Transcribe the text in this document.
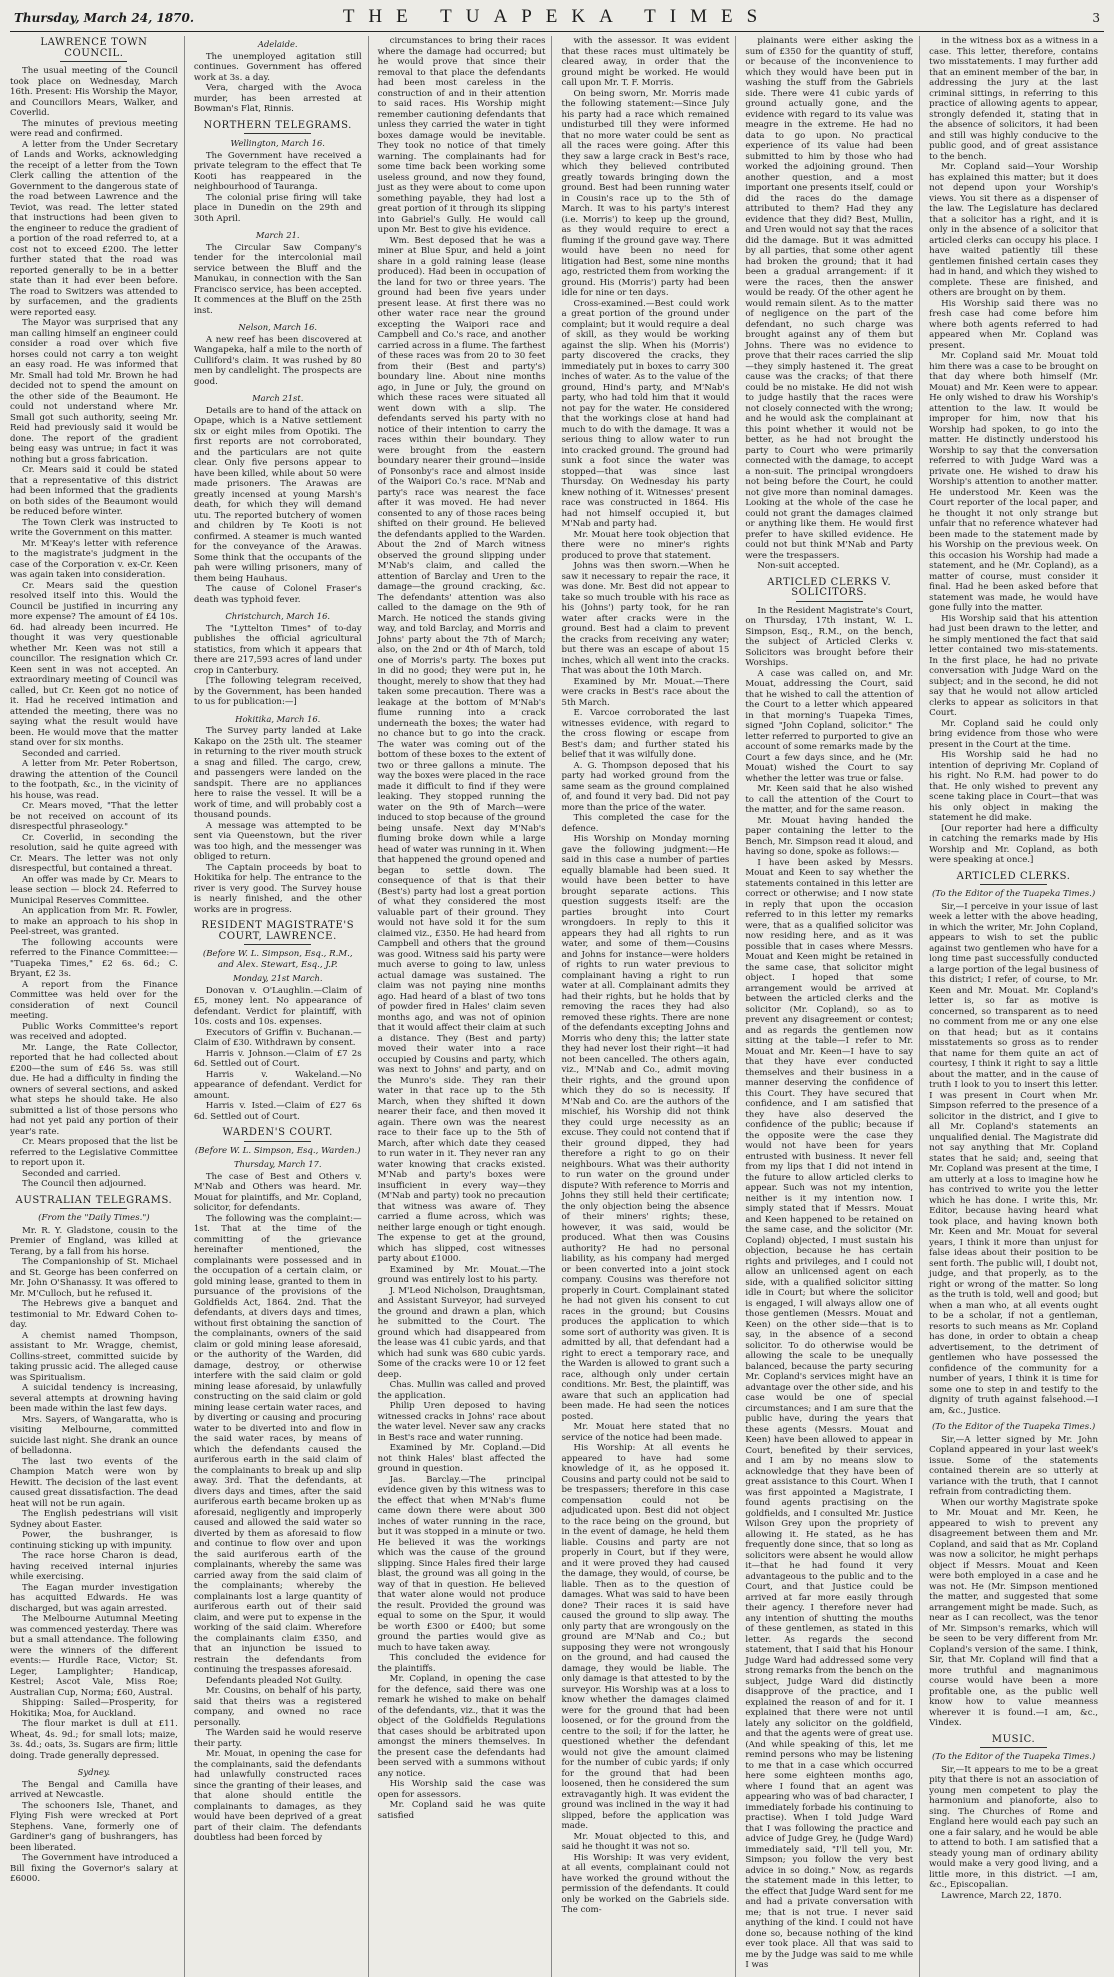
Thursday, March 24, 1870.	THE TUAPEKA TIMES	3
LAWRENCE TOWN COUNCIL.

The usual meeting of the Council took place on Wednesday, March 16th. Present: His Worship the Mayor, and Councillors Mears, Walker, and Coverlid.

The minutes of previous meeting were read and confirmed.

A letter from the Under Secretary of Lands and Works, acknowledging the receipt of a letter from the Town Clerk calling the attention of the Government to the dangerous state of the road between Lawrence and the Teviot, was read. The letter stated that instructions had been given to the engineer to reduce the gradient of a portion of the road referred to, at a cost not to exceed £200. The letter further stated that the road was reported generally to be in a better state than it had ever been before. The road to Switzers was attended to by surfacemen, and the gradients were reported easy.

The Mayor was surprised that any man calling himself an engineer could consider a road over which five horses could not carry a ton weight an easy road. He was informed that Mr. Small had told Mr. Brown he had decided not to spend the amount on the other side of the Beaumont. He could not understand where Mr. Small got such authority, seeing Mr. Reid had previously said it would be done. The report of the gradient being easy was untrue; in fact it was nothing but a gross fabrication.

Cr. Mears said it could be stated that a representative of this district had been informed that the gradients on both sides of the Beaumont would be reduced before winter.

The Town Clerk was instructed to write the Government on this matter.

Mr. M'Keay's letter with reference to the magistrate's judgment in the case of the Corporation v. ex-Cr. Keen was again taken into consideration.

Cr. Mears said the question resolved itself into this. Would the Council be justified in incurring any more expense? The amount of £4 10s. 6d. had already been incurred. He thought it was very questionable whether Mr. Keen was not still a councillor. The resignation which Cr. Keen sent in was not accepted. An extraordinary meeting of Council was called, but Cr. Keen got no notice of it. Had he received intimation and attended the meeting, there was no saying what the result would have been. He would move that the matter stand over for six months.

Seconded and carried.

A letter from Mr. Peter Robertson, drawing the attention of the Council to the footpath, &c., in the vicinity of his house, was read.

Cr. Mears moved, "That the letter be not received on account of its disrespectful phraseology."

Cr. Coverlid, in seconding the resolution, said he quite agreed with Cr. Mears. The letter was not only disrespectful, but contained a threat.

An offer was made by Cr. Mears to lease section — block 24. Referred to Municipal Reserves Committee.

An application from Mr. R. Fowler, to make an approach to his shop in Peel-street, was granted.

The following accounts were referred to the Finance Committee:— "Tuapeka Times," £2 6s. 6d.; C. Bryant, £2 3s.

A report from the Finance Committee was held over for the consideration of next Council meeting.

Public Works Committee's report was received and adopted.

Mr. Lange, the Rate Collector, reported that he had collected about £200—the sum of £46 5s. was still due. He had a difficulty in finding the owners of several sections, and asked what steps he should take. He also submitted a list of those persons who had not yet paid any portion of their year's rate.

Cr. Mears proposed that the list be referred to the Legislative Committee to report upon it.

Seconded and carried.

The Council then adjourned.

AUSTRALIAN TELEGRAMS.
(From the "Daily Times.")

Mr. R. Y. Gladstone, cousin to the Premier of England, was killed at Terang, by a fall from his horse.

The Companionship of St. Michael and St. George has been conferred on Mr. John O'Shanassy. It was offered to Mr. M'Culloch, but he refused it.

The Hebrews give a banquet and testimonial to Mr. Edward Cohen to-day.

A chemist named Thompson, assistant to Mr. Wragge, chemist, Collins-street, committed suicide by taking prussic acid. The alleged cause was Spiritualism.

A suicidal tendency is increasing, several attempts at drowning having been made within the last few days.

Mrs. Sayers, of Wangaratta, who is visiting Melbourne, committed suicide last night. She drank an ounce of belladonna.

The last two events of the Champion Match were won by Hewitt. The decision of the last event caused great dissatisfaction. The dead heat will not be run again.

The English pedestrians will visit Sydney about Easter.

Power, the bushranger, is continuing sticking up with impunity.

The race horse Charon is dead, having received internal injuries while exercising.

The Eagan murder investigation has acquitted Edwards. He was discharged, but was again arrested.

The Melbourne Autumnal Meeting was commenced yesterday. There was but a small attendance. The following were the winners of the different events:— Hurdle Race, Victor; St. Leger, Lamplighter; Handicap, Kestrel; Ascot Vale, Miss Roe; Australian Cup, Norma; £60, Austral.

Shipping: Sailed—Prosperity, for Hokitika; Moa, for Auckland.

The flour market is dull at £11. Wheat, 4s. 9d.; for small lots; maize, 3s. 4d.; oats, 3s. Sugars are firm; little doing. Trade generally depressed.

Sydney.

The Bengal and Camilla have arrived at Newcastle.

The schooners Isle, Thanet, and Flying Fish were wrecked at Port Stephens. Vane, formerly one of Gardiner's gang of bushrangers, has been liberated.

The Government have introduced a Bill fixing the Governor's salary at £6000.

Adelaide.

The unemployed agitation still continues. Government has offered work at 3s. a day.

Vera, charged with the Avoca murder, has been arrested at Bowman's Flat, Rinnis.

NORTHERN TELEGRAMS.
Wellington, March 16.

The Government have received a private telegram to the effect that Te Kooti has reappeared in the neighbourhood of Tauranga.

The colonial prise firing will take place in Dunedin on the 29th and 30th April.

March 21.

The Circular Saw Company's tender for the intercolonial mail service between the Bluff and the Manukau, in connection with the San Francisco service, has been accepted. It commences at the Bluff on the 25th inst.

Nelson, March 16.

A new reef has been discovered at Wangapeka, half a mile to the north of Culliford's claim. It was rushed by 80 men by candlelight. The prospects are good.

March 21st.

Details are to hand of the attack on Opape, which is a Native settlement six or eight miles from Opotiki. The first reports are not corroborated, and the particulars are not quite clear. Only five persons appear to have been killed, while about 50 were made prisoners. The Arawas are greatly incensed at young Marsh's death, for which they will demand utu. The reported butchery of women and children by Te Kooti is not confirmed. A steamer is much wanted for the conveyance of the Arawas. Some think that the occupants of the pah were willing prisoners, many of them being Hauhaus.

The cause of Colonel Fraser's death was typhoid fever.

Christchurch, March 16.

The "Lyttelton Times" of to-day publishes the official agricultural statistics, from which it appears that there are 217,593 acres of land under crop in Canterbury.

[The following telegram received, by the Government, has been handed to us for publication:—]

Hokitika, March 16.

The Survey party landed at Lake Kakapo on the 25th ult. The steamer in returning to the river mouth struck a snag and filled. The cargo, crew, and passengers were landed on the sandspit. There are no appliances here to raise the vessel. It will be a work of time, and will probably cost a thousand pounds.

A message was attempted to be sent via Queenstown, but the river was too high, and the messenger was obliged to return.

The Captain proceeds by boat to Hokitika for help. The entrance to the river is very good. The Survey house is nearly finished, and the other works are in progress.

RESIDENT MAGISTRATE'S COURT, LAWRENCE.
(Before W. L. Simpson, Esq., R.M., and Alex. Stewart, Esq., J.P.
Monday, 21st March.

Donovan v. O'Laughlin.—Claim of £5, money lent. No appearance of defendant. Verdict for plaintiff, with 10s. costs and 10s. expenses.

Executors of Griffin v. Buchanan.—Claim of £30. Withdrawn by consent.

Harris v. Johnson.—Claim of £7 2s 6d. Settled out of Court.

Harris v. Wakeland.—No appearance of defendant. Verdict for amount.

Harris v. Isted.—Claim of £27 6s 6d. Settled out of Court.

WARDEN'S COURT.
(Before W. L. Simpson, Esq., Warden.)
Thursday, March 17.

The case of Best and Others v. M'Nab and Others was heard. Mr. Mouat for plaintiffs, and Mr. Copland, solicitor, for defendants.

The following was the complaint:—1st. That at the time of the committing of the grievance hereinafter mentioned, the complainants were possessed and in the occupation of a certain claim, or gold mining lease, granted to them in pursuance of the provisions of the Goldfields Act, 1864. 2nd. That the defendants, at divers days and times, without first obtaining the sanction of the complainants, owners of the said claim or gold mining lease aforesaid, or the authority of the Warden, did damage, destroy, or otherwise interfere with the said claim or gold mining lease aforesaid, by unlawfully constructing on the said claim or gold mining lease certain water races, and by diverting or causing and procuring water to be diverted into and flow in the said water races, by means of which the defendants caused the auriferous earth in the said claim of the complainants to break up and slip away. 3rd. That the defendants, at divers days and times, after the said auriferous earth became broken up as aforesaid, negligently and improperly caused and allowed the said water so diverted by them as aforesaid to flow and continue to flow over and upon the said auriferous earth of the complainants, whereby the same was carried away from the said claim of the complainants; whereby the complainants lost a large quantity of auriferous earth out of their said claim, and were put to expense in the working of the said claim. Wherefore the complainants claim £350, and that an injunction be issued to restrain the defendants from continuing the trespasses aforesaid.

Defendants pleaded Not Guilty.

Mr. Cousins, on behalf of his party, said that theirs was a registered company, and owned no race personally.

The Warden said he would reserve their party.

Mr. Mouat, in opening the case for the complainants, said the defendants had unlawfully constructed races since the granting of their leases, and that alone should entitle the complainants to damages, as they would have been deprived of a great part of their claim. The defendants doubtless had been forced by

circumstances to bring their races where the damage had occurred; but he would prove that since their removal to that place the defendants had been most careless in the construction of and in their attention to said races. His Worship might remember cautioning defendants that unless they carried the water in tight boxes damage would be inevitable. They took no notice of that timely warning. The complainants had for some time back been working some useless ground, and now they found, just as they were about to come upon something payable, they had lost a great portion of it through its slipping into Gabriel's Gully. He would call upon Mr. Best to give his evidence.

Wm. Best deposed that he was a miner at Blue Spur, and held a joint share in a gold raining lease (lease produced). Had been in occupation of the land for two or three years. The ground had been five years under present lease. At first there was no other water race near the ground excepting the Waipori race and Campbell and Co.'s race, and another carried across in a flume. The farthest of these races was from 20 to 30 feet from their (Best and party's) boundary line. About nine months ago, in June or July, the ground on which these races were situated all went down with a slip. The defendants served his party with no notice of their intention to carry the races within their boundary. They were brought from the eastern boundary nearer their ground—inside of Ponsonby's race and almost inside of the Waipori Co.'s race. M'Nab and party's race was nearest the face after it was moved. He had never consented to any of those races being shifted on their ground. He believed the defendants applied to the Warden. About the 2nd of March witness observed the ground slipping under M'Nab's claim, and called the attention of Barclay and Uren to the damage—the ground cracking, &c. The defendants' attention was also called to the damage on the 9th of March. He noticed the stands giving way, and told Barclay, and Morris and Johns' party about the 7th of March; also, on the 2nd or 4th of March, told one of Morris's party. The boxes put in did no good; they were put in, he thought, merely to show that they had taken some precaution. There was a leakage at the bottom of M'Nab's flume running into a crack underneath the boxes; the water had no chance but to go into the crack. The water was coming out of the bottom of these boxes to the extent of two or three gallons a minute. The way the boxes were placed in the race made it difficult to find if they were leaking. They stopped running the water on the 9th of March—were induced to stop because of the ground being unsafe. Next day M'Nab's fluming broke down while a large head of water was running in it. When that happened the ground opened and began to settle down. The consequence of that is that their (Best's) party had lost a great portion of what they considered the most valuable part of their ground. They would not have sold it for the sum claimed viz., £350. He had heard from Campbell and others that the ground was good. Witness said his party were much averse to going to law, unless actual damage was sustained. The claim was not paying nine months ago. Had heard of a blast of two tons of powder fired in Hales' claim seven months ago, and was not of opinion that it would affect their claim at such a distance. They (Best and party) moved their water into a race occupied by Cousins and party, which was next to Johns' and party, and on the Munro's side. They ran their water in that race up to the 5th March, when they shifted it down nearer their face, and then moved it again. There own was the nearest race to their face up to the 5th of March, after which date they ceased to run water in it. They never ran any water knowing that cracks existed. M'Nab and party's boxes were insufficient in every way—they (M'Nab and party) took no precaution that witness was aware of. They carried a flume across, which was neither large enough or tight enough. The expense to get at the ground, which has slipped, cost witnesses party about £1000.

Examined by Mr. Mouat.—The ground was entirely lost to his party.

J. M'Leod Nicholson, Draughtsman, and Assistant Surveyor, had surveyed the ground and drawn a plan, which he submitted to the Court. The ground which had disappeared from the lease was 41 cubic yards, and that which had sunk was 680 cubic yards. Some of the cracks were 10 or 12 feet deep.

Chas. Mullin was called and proved the application.

Philip Uren deposed to having witnessed cracks in Johns' race about the water level. Never saw any cracks in Best's race and water running.

Examined by Mr. Copland.—Did not think Hales' blast affected the ground in question.

Jas. Barclay.—The principal evidence given by this witness was to the effect that when M'Nab's flume came down there were about 300 inches of water running in the race, but it was stopped in a minute or two. He believed it was the workings which was the cause of the ground slipping. Since Hales fired their large blast, the ground was all going in the way of that in question. He believed that water alone would not produce the result. Provided the ground was equal to some on the Spur, it would be worth £300 or £400; but some ground the parties would give as much to have taken away.

This concluded the evidence for the plaintiffs.

Mr. Copland, in opening the case for the defence, said there was one remark he wished to make on behalf of the defendants, viz., that it was the object of the Goldfields Regulations that cases should be arbitrated upon amongst the miners themselves. In the present case the defendants had been served with a summons without any notice.

His Worship said the case was open for assessors.

Mr. Copland said he was quite satisfied

with the assessor. It was evident that these races must ultimately be cleared away, in order that the ground might be worked. He would call upon Mr. T. F. Morris.

On being sworn, Mr. Morris made the following statement:—Since July his party had a race which remained undisturbed till they were informed that no more water could be sent as all the races were going. After this they saw a large crack in Best's race, which they believed contributed greatly towards bringing down the ground. Best had been running water in Cousin's race up to the 5th of March. It was to his party's interest (i.e. Morris') to keep up the ground, as they would require to erect a fluming if the ground gave way. There would have been no need for litigation had Best, some nine months ago, restricted them from working the ground. His (Morris') party had been idle for nine or ten days.

Cross-examined.—Best could work a great portion of the ground under complaint; but it would require a deal of skill, as they would be working against the slip. When his (Morris') party discovered the cracks, they immediately put in boxes to carry 300 inches of water. As to the value of the ground, Hind's party, and M'Nab's party, who had told him that it would not pay for the water. He considered that the workings close at hand had much to do with the damage. It was a serious thing to allow water to run into cracked ground. The ground had sunk a foot since the water was stopped—that was since last Thursday. On Wednesday his party knew nothing of it. Witnesses' present race was constructed in 1864. His had not himself occupied it, but M'Nab and party had.

Mr. Mouat here took objection that there were no miner's rights produced to prove that statement.

Johns was then sworn.—When he saw it necessary to repair the race, it was done. Mr. Best did not appear to take so much trouble with his race as his (Johns') party took, for he ran water after cracks were in the ground. Best had a claim to prevent the cracks from receiving any water; but there was an escape of about 15 inches, which all went into the cracks. That was about the 10th March.

Examined by Mr. Mouat.—There were cracks in Best's race about the 5th March.

E. Varcoe corroborated the last witnesses evidence, with regard to the cross flowing or escape from Best's dam; and further stated his belief that it was wilfully done.

A. G. Thompson deposed that his party had worked ground from the same seam as the ground complained of, and found it very bad. Did not pay more than the price of the water.

This completed the case for the defence.

His Worship on Monday morning gave the following judgment:—He said in this case a number of parties equally blamable had been sued. It would have been better to have brought separate actions. This question suggests itself: are the parties brought into Court wrongdoers. In reply to this it appears they had all rights to run water, and some of them—Cousins and Johns for instance—were holders of rights to run water previous to complainant having a right to run water at all. Complainant admits they had their rights, but he holds that by removing the races they had also removed these rights. There are none of the defendants excepting Johns and Morris who deny this; the latter state they had never lost their right—it had not been cancelled. The others again, viz., M'Nab and Co., admit moving their rights, and the ground upon which they do so is necessity. If M'Nab and Co. are the authors of the mischief, his Worship did not think they could urge necessity as an excuse. They could not contend that if their ground dipped, they had therefore a right to go on their neighbours. What was their authority to run water on the ground under dispute? With reference to Morris and Johns they still held their certificate; the only objection being the absence of their miners' rights; these, however, it was said, would be produced. What then was Cousins authority? He had no personal liability, as his company had merged or been converted into a joint stock company. Cousins was therefore not properly in Court. Complainant stated he had not given his consent to cut races in the ground; but Cousins produces the application to which some sort of authority was given. It is admitted by all, that defendant had a right to erect a temporary race, and the Warden is allowed to grant such a race, although only under certain conditions. Mr. Best, the plaintiff, was aware that such an application had been made. He had seen the notices posted.

Mr. Mouat here stated that no service of the notice had been made.

His Worship: At all events he appeared to have had some knowledge of it, as he opposed it. Cousins and party could not be said to be trespassers; therefore in this case compensation could not be adjudicated upon. Best did not object to the race being on the ground, but in the event of damage, he held them liable. Cousins and party are not properly in Court, but if they were, and it were proved they had caused the damage, they would, of course, be liable. Then as to the question of damages. What was said to have been done? Their races it is said have caused the ground to slip away. The only party that are wrongously on the ground are M'Nab and Co.; but supposing they were not wrongously on the ground, and had caused the damage, they would be liable. The only damage is that attested to by the surveyor. His Worship was at a loss to know whether the damages claimed were for the ground that had been loosened, or for the ground from the centre to the soil; if for the latter, he questioned whether the defendant would not give the amount claimed for the number of cubic yards; if only for the ground that had been loosened, then he considered the sum extravagantly high. It was evident the ground was inclined in the way it had slipped, before the application was made.

Mr. Mouat objected to this, and said he thought it was not so.

His Worship: It was very evident, at all events, complainant could not have worked the ground without the permission of the defendants. It could only be worked on the Gabriels side. The com-

plainants were either asking the sum of £350 for the quantity of stuff, or because of the inconvenience to which they would have been put in washing the stuff from the Gabriels side. There were 41 cubic yards of ground actually gone, and the evidence with regard to its value was meagre in the extreme. He had no data to go upon. No practical experience of its value had been submitted to him by those who had worked the adjoining ground. Then another question, and a most important one presents itself, could or did the races do the damage attributed to them? Had they any evidence that they did? Best, Mullin, and Uren would not say that the races did the damage. But it was admitted by all parties, that some other agent had broken the ground; that it had been a gradual arrangement: if it were the races, then the answer would be ready. Of the other agent he would remain silent. As to the matter of negligence on the part of the defendant, no such charge was brought against any of them but Johns. There was no evidence to prove that their races carried the slip—they simply hastened it. The great cause was the cracks; of that there could be no mistake. He did not wish to judge hastily that the races were not closely connected with the wrong; and he would ask the complainant at this point whether it would not be better, as he had not brought the party to Court who were primarily connected with the damage, to accept a non-suit. The principal wrongdoers not being before the Court, he could not give more than nominal damages. Looking at the whole of the case he could not grant the damages claimed or anything like them. He would first prefer to have skilled evidence. He could not but think M'Nab and Party were the trespassers.

Non-suit accepted.

ARTICLED CLERKS V. SOLICITORS.

In the Resident Magistrate's Court, on Thursday, 17th instant, W. L. Simpson, Esq., R.M., on the bench, the subject of Articled Clerks v. Solicitors was brought before their Worships.

A case was called on, and Mr. Mouat, addressing the Court, said that he wished to call the attention of the Court to a letter which appeared in that morning's Tuapeka Times, signed "John Copland, solicitor." The letter referred to purported to give an account of some remarks made by the Court a few days since, and he (Mr. Mouat) wished the Court to say whether the letter was true or false.

Mr. Keen said that he also wished to call the attention of the Court to the matter, and for the same reason.

Mr. Mouat having handed the paper containing the letter to the Bench, Mr. Simpson read it aloud, and having so done, spoke as follows:—

I have been asked by Messrs. Mouat and Keen to say whether the statements contained in this letter are correct or otherwise; and I now state in reply that upon the occasion referred to in this letter my remarks were, that as a qualified solicitor was now residing here, and as it was possible that in cases where Messrs. Mouat and Keen might be retained in the same case, that solicitor might object. I hoped that some arrangement would be arrived at between the articled clerks and the solicitor (Mr. Copland), so as to prevent any disagreement or contest; and as regards the gentlemen now sitting at the table—I refer to Mr. Mouat and Mr. Keen—I have to say that they have ever conducted themselves and their business in a manner deserving the confidence of this Court. They have secured that confidence, and I am satisfied that they have also deserved the confidence of the public; because if the opposite were the case they would not have been for years entrusted with business. It never fell from my lips that I did not intend in the future to allow articled clerks to appear. Such was not my intention, neither is it my intention now. I simply stated that if Messrs. Mouat and Keen happened to be retained on the same case, and the solicitor (Mr. Copland) objected, I must sustain his objection, because he has certain rights and privileges, and I could not allow an unlicensed agent on each side, with a qualified solicitor sitting idle in Court; but where the solicitor is engaged, I will always allow one of those gentlemen (Messrs. Mouat and Keen) on the other side—that is to say, in the absence of a second solicitor. To do otherwise would be allowing the scale to be unequally balanced, because the party securing Mr. Copland's services might have an advantage over the other side, and his case would be one of special circumstances; and I am sure that the public have, during the years that these agents (Messrs. Mouat and Keen) have been allowed to appear in Court, benefited by their services, and I am by no means slow to acknowledge that they have been of great assistance to this Court. When I was first appointed a Magistrate, I found agents practising on the goldfields, and I consulted Mr. Justice Wilson Grey upon the propriety of allowing it. He stated, as he has frequently done since, that so long as solicitors were absent he would allow it—that he had found it very advantageous to the public and to the Court, and that Justice could be arrived at far more easily through their agency. I therefore never had any intention of shutting the mouths of these gentlemen, as stated in this letter. As regards the second statement, that I said that his Honour Judge Ward had addressed some very strong remarks from the bench on the subject, Judge Ward did distinctly disapprove of the practice, and I explained the reason of and for it. I explained that there were not until lately any solicitor on the goldfield, and that the agents were of great use. (And while speaking of this, let me remind persons who may be listening to me that in a case which occurred here some eighteen months ago, where I found that an agent was appearing who was of bad character, I immediately forbade his continuing to practise). When I told Judge Ward that I was following the practice and advice of Judge Grey, he (Judge Ward) immediately said, "I'll tell you, Mr. Simpson; you follow the very best advice in so doing." Now, as regards the statement made in this letter, to the effect that Judge Ward sent for me and had a private conversation with me; that is not true. I never said anything of the kind. I could not have done so, because nothing of the kind ever took place. All that was said to me by the Judge was said to me while I was

in the witness box as a witness in a case. This letter, therefore, contains two misstatements. I may further add that an eminent member of the bar, in addressing the jury at the last criminal sittings, in referring to this practice of allowing agents to appear, strongly defended it, stating that in the absence of solicitors, it had been and still was highly conducive to the public good, and of great assistance to the bench.

Mr. Copland said—Your Worship has explained this matter; but it does not depend upon your Worship's views. You sit there as a dispenser of the law. The Legislature has declared that a solicitor has a right, and it is only in the absence of a solicitor that articled clerks can occupy his place. I have waited patiently till these gentlemen finished certain cases they had in hand, and which they wished to complete. These are finished, and others are brought on by them.

His Worship said there was no fresh case had come before him where both agents referred to had appeared when Mr. Copland was present.

Mr. Copland said Mr. Mouat told him there was a case to be brought on that day where both himself (Mr. Mouat) and Mr. Keen were to appear. He only wished to draw his Worship's attention to the law. It would be improper for him, now that his Worship had spoken, to go into the matter. He distinctly understood his Worship to say that the conversation referred to with Judge Ward was a private one. He wished to draw his Worship's attention to another matter. He understood Mr. Keen was the Court reporter of the local paper, and he thought it not only strange but unfair that no reference whatever had been made to the statement made by his Worship on the previous week. On this occasion his Worship had made a statement, and he (Mr. Copland), as a matter of course, must consider it final. Had he been asked before that statement was made, he would have gone fully into the matter.

His Worship said that his attention had just been drawn to the letter, and he simply mentioned the fact that said letter contained two mis-statements. In the first place, he had no private conversation with Judge Ward on the subject; and in the second, he did not say that he would not allow articled clerks to appear as solicitors in that Court.

Mr. Copland said he could only bring evidence from those who were present in the Court at the time.

His Worship said he had no intention of depriving Mr. Copland of his right. No R.M. had power to do that. He only wished to prevent any scene taking place in Court—that was his only object in making the statement he did make.

[Our reporter had here a difficulty in catching the remarks made by His Worship and Mr. Copland, as both were speaking at once.]

ARTICLED CLERKS.
(To the Editor of the Tuapeka Times.)

Sir,—I perceive in your issue of last week a letter with the above heading, in which the writer, Mr. John Copland, appears to wish to set the public against two gentlemen who have for a long time past successfully conducted a large portion of the legal business of this district; I refer, of course, to Mr. Keen and Mr. Mouat. Mr. Copland's letter is, so far as motive is concerned, so transparent as to need no comment from me or any one else on that head; but as it contains misstatements so gross as to render that name for them quite an act of courtesy, I think it right to say a little about the matter, and in the cause of truth I look to you to insert this letter. I was present in Court when Mr. Simpson referred to the presence of a solicitor in the district, and I give to all Mr. Copland's statements an unqualified denial. The Magistrate did not say anything that Mr. Copland states that he said; and, seeing that Mr. Copland was present at the time, I am utterly at a loss to imagine how he has contrived to write you the letter which he has done. I write this, Mr. Editor, because having heard what took place, and having known both Mr. Keen and Mr. Mouat for several years, I think it more than unjust for false ideas about their position to be sent forth. The public will, I doubt not, judge, and that properly, as to the right or wrong of the matter. So long as the truth is told, well and good; but when a man who, at all events ought to be a scholar, if not a gentleman, resorts to such means as Mr. Copland has done, in order to obtain a cheap advertisement, to the detriment of gentlemen who have possessed the confidence of the community for a number of years, I think it is time for some one to step in and testify to the dignity of truth against falsehood.—I am, &c., Justice.

(To the Editor of the Tuapeka Times.)

Sir,—A letter signed by Mr. John Copland appeared in your last week's issue. Some of the statements contained therein are so utterly at variance with the truth, that I cannot refrain from contradicting them.

When our worthy Magistrate spoke to Mr. Mouat and Mr. Keen, he appeared to wish to prevent any disagreement between them and Mr. Copland, and said that as Mr. Copland was now a solicitor, he might perhaps object if Messrs. Mouat and Keen were both employed in a case and he was not. He (Mr. Simpson mentioned the matter, and suggested that some arrangement might be made. Such, as near as I can recollect, was the tenor of Mr. Simpson's remarks, which will be seen to be very different from Mr. Copland's version of the same. I think, Sir, that Mr. Copland will find that a more truthful and magnanimous course would have been a more profitable one, as the public well know how to value meanness wherever it is found.—I am, &c., Vindex.

MUSIC.
(To the Editor of the Tuapeka Times.)

Sir,—It appears to me to be a great pity that there is not an association of young men competent to play the harmonium and pianoforte, also to sing. The Churches of Rome and England here would each pay such an one a fair salary, and he would be able to attend to both. I am satisfied that a steady young man of ordinary ability would make a very good living, and a little more, in this district. —I am, &c., Episcopalian.

Lawrence, March 22, 1870.
